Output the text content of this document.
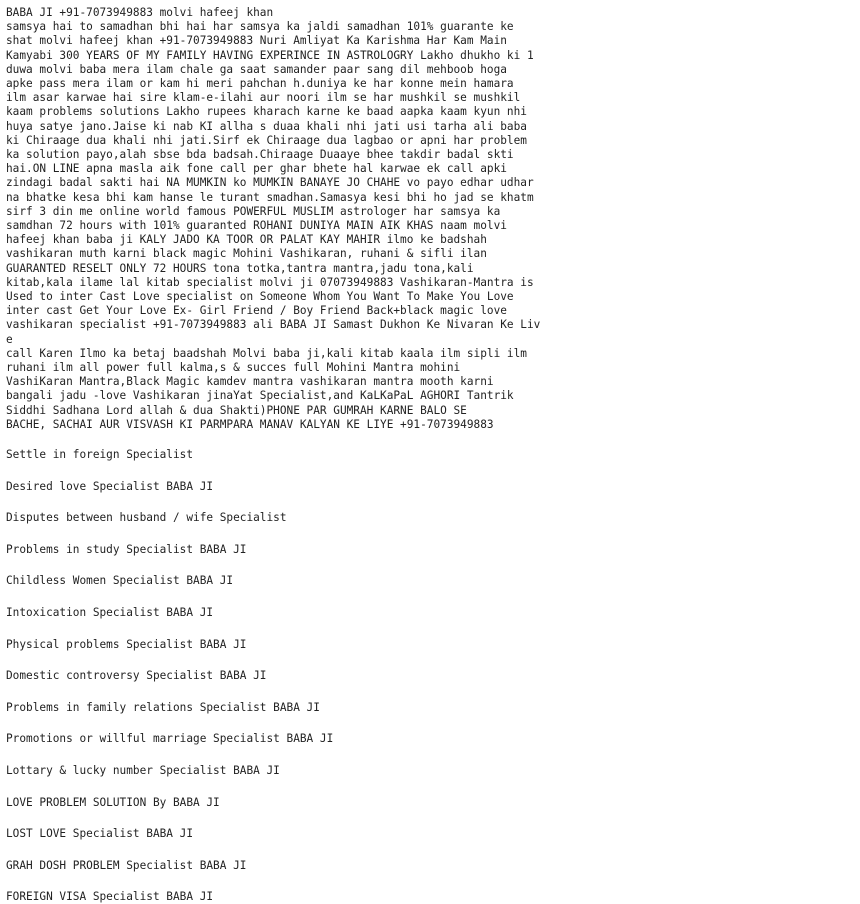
BABA JI +91-7073949883 molvi hafeej khan
samsya hai to samadhan bhi hai har samsya ka jaldi samadhan 101% guarante ke
shat molvi hafeej khan +91-7073949883 Nuri Amliyat Ka Karishma Har Kam Main
Kamyabi 300 YEARS OF MY FAMILY HAVING EXPERINCE IN ASTROLOGRY Lakho dhukho ki 1
duwa molvi baba mera ilam chale ga saat samander paar sang dil mehboob hoga
apke pass mera ilam or kam hi meri pahchan h.duniya ke har konne mein hamara
ilm asar karwae hai sire klam-e-ilahi aur noori ilm se har mushkil se mushkil
kaam problems solutions Lakho rupees kharach karne ke baad aapka kaam kyun nhi
huya satye jano.Jaise ki nab KI allha s duaa khali nhi jati usi tarha ali baba
ki Chiraage dua khali nhi jati.Sirf ek Chiraage dua lagbao or apni har problem
ka solution payo,alah sbse bda badsah.Chiraage Duaaye bhee takdir badal skti
hai.ON LINE apna masla aik fone call per ghar bhete hal karwae ek call apki
zindagi badal sakti hai NA MUMKIN ko MUMKIN BANAYE JO CHAHE vo payo edhar udhar
na bhatke kesa bhi kam hanse le turant smadhan.Samasya kesi bhi ho jad se khatm
sirf 3 din me online world famous POWERFUL MUSLIM astrologer har samsya ka
samdhan 72 hours with 101% guaranted ROHANI DUNIYA MAIN AIK KHAS naam molvi
hafeej khan baba ji KALY JADO KA TOOR OR PALAT KAY MAHIR ilmo ke badshah
vashikaran muth karni black magic Mohini Vashikaran, ruhani & sifli ilan
GUARANTED RESELT ONLY 72 HOURS tona totka,tantra mantra,jadu tona,kali
kitab,kala ilame lal kitab specialist molvi ji 07073949883 Vashikaran-Mantra is
Used to inter Cast Love specialist on Someone Whom You Want To Make You Love
inter cast Get Your Love Ex- Girl Friend / Boy Friend Back+black magic love
vashikaran specialist +91-7073949883 ali BABA JI Samast Dukhon Ke Nivaran Ke Liv
e
call Karen Ilmo ka betaj baadshah Molvi baba ji,kali kitab kaala ilm sipli ilm
ruhani ilm all power full kalma,s & succes full Mohini Mantra mohini
VashiKaran Mantra,Black Magic kamdev mantra vashikaran mantra mooth karni
bangali jadu -love Vashikaran jinaYat Specialist,and KaLKaPaL AGHORI Tantrik
Siddhi Sadhana Lord allah & dua Shakti)PHONE PAR GUMRAH KARNE BALO SE
BACHE, SACHAI AUR VISVASH KI PARMPARA MANAV KALYAN KE LIYE +91-7073949883
Settle in foreign Specialist
Desired love Specialist BABA JI
Disputes between husband / wife Specialist
Problems in study Specialist BABA JI
Childless Women Specialist BABA JI
Intoxication Specialist BABA JI
Physical problems Specialist BABA JI
Domestic controversy Specialist BABA JI
Problems in family relations Specialist BABA JI
Promotions or willful marriage Specialist BABA JI
Lottary & lucky number Specialist BABA JI
LOVE PROBLEM SOLUTION By BABA JI
LOST LOVE Specialist BABA JI
GRAH DOSH PROBLEM Specialist BABA JI
FOREIGN VISA Specialist BABA JI
